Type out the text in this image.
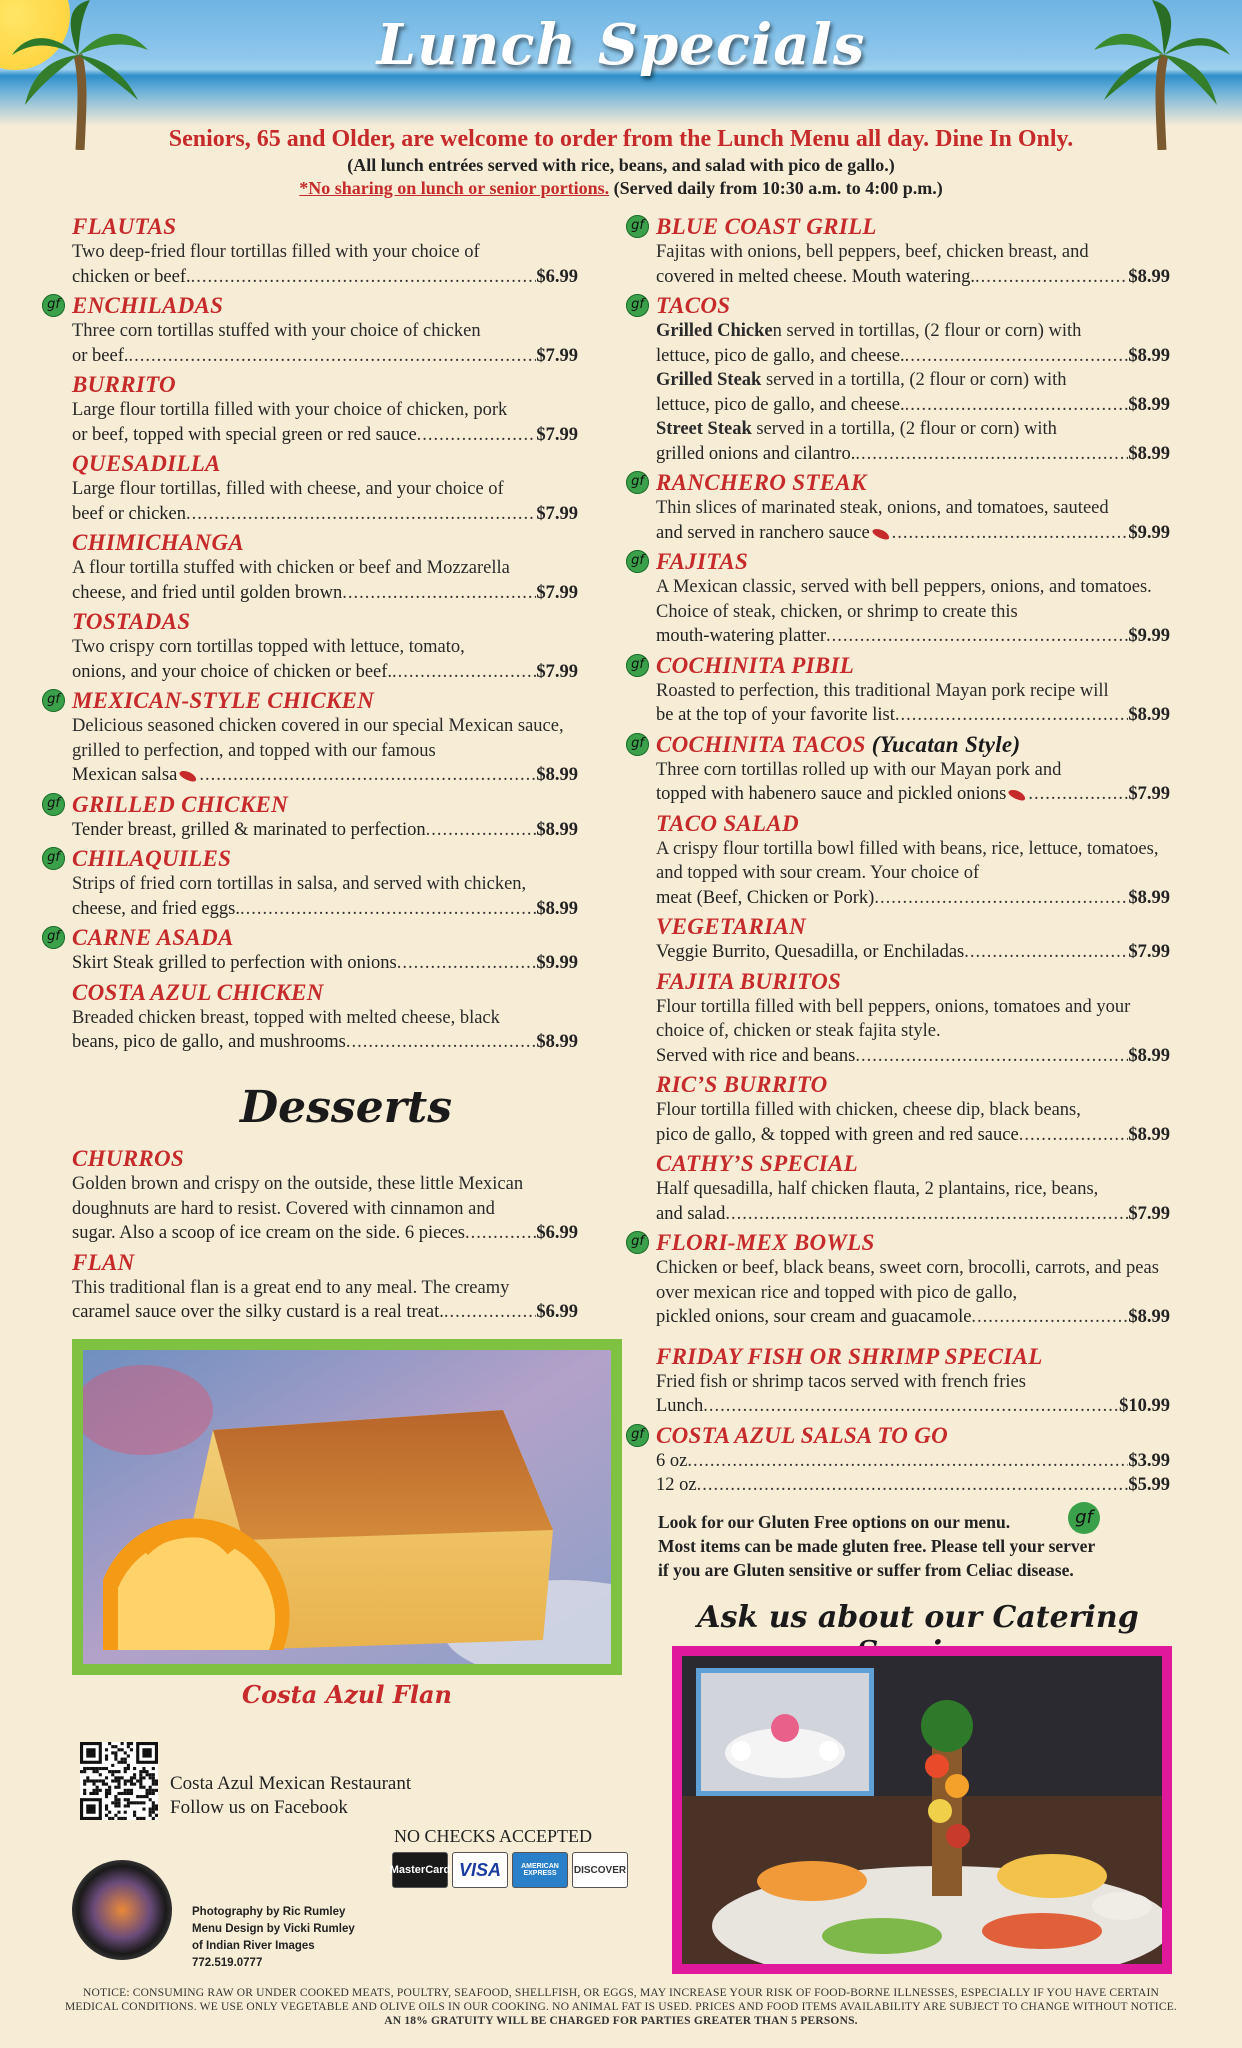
Lunch Specials
Seniors, 65 and Older, are welcome to order from the Lunch Menu all day. Dine In Only.
(All lunch entrées served with rice, beans, and salad with pico de gallo.)
*No sharing on lunch or senior portions. (Served daily from 10:30 a.m. to 4:00 p.m.)
FLAUTAS
Two deep-fried flour tortillas filled with your choice of
chicken or beef. .....	$6.99
gf ENCHILADAS
Three corn tortillas stuffed with your choice of chicken
or beef. .....	$7.99
BURRITO
Large flour tortilla filled with your choice of chicken, pork
or beef, topped with special green or red sauce .....	$7.99
QUESADILLA
Large flour tortillas, filled with cheese, and your choice of
beef or chicken .....	$7.99
CHIMICHANGA
A flour tortilla stuffed with chicken or beef and Mozzarella
cheese, and fried until golden brown .....	$7.99
TOSTADAS
Two crispy corn tortillas topped with lettuce, tomato,
onions, and your choice of chicken or beef. .....	$7.99
gf MEXICAN-STYLE CHICKEN
Delicious seasoned chicken covered in our special Mexican sauce, grilled to perfection, and topped with our famous
Mexican salsa .....	$8.99
gf GRILLED CHICKEN
Tender breast, grilled & marinated to perfection .....	$8.99
gf CHILAQUILES
Strips of fried corn tortillas in salsa, and served with chicken,
cheese, and fried eggs. .....	$8.99
gf CARNE ASADA
Skirt Steak grilled to perfection with onions .....	$9.99
COSTA AZUL CHICKEN
Breaded chicken breast, topped with melted cheese, black
beans, pico de gallo, and mushrooms .....	$8.99
Desserts
CHURROS
Golden brown and crispy on the outside, these little Mexican doughnuts are hard to resist. Covered with cinnamon and
sugar. Also a scoop of ice cream on the side. 6 pieces .....	$6.99
FLAN
This traditional flan is a great end to any meal. The creamy
caramel sauce over the silky custard is a real treat. .....	$6.99
Costa Azul Flan
Costa Azul Mexican Restaurant
Follow us on Facebook
NO CHECKS ACCEPTED
MasterCard VISA	AMERICAN EXPRESS	DISCOVER
Photography by Ric Rumley
Menu Design by Vicki Rumley
of Indian River Images
772.519.0777
gf BLUE COAST GRILL
Fajitas with onions, bell peppers, beef, chicken breast, and
covered in melted cheese. Mouth watering. .....	$8.99
gf TACOS
Grilled Chicken served in tortillas, (2 flour or corn) with
lettuce, pico de gallo, and cheese. .....	$8.99
Grilled Steak served in a tortilla, (2 flour or corn) with
lettuce, pico de gallo, and cheese. .....	$8.99
Street Steak served in a tortilla, (2 flour or corn) with
grilled onions and cilantro. .....	$8.99
gf RANCHERO STEAK
Thin slices of marinated steak, onions, and tomatoes, sauteed
and served in ranchero sauce .....	$9.99
gf FAJITAS
A Mexican classic, served with bell peppers, onions, and tomatoes. Choice of steak, chicken, or shrimp to create this
mouth-watering platter .....	$9.99
gf COCHINITA PIBIL
Roasted to perfection, this traditional Mayan pork recipe will
be at the top of your favorite list .....	$8.99
gf COCHINITA TACOS (Yucatan Style)
Three corn tortillas rolled up with our Mayan pork and
topped with habenero sauce and pickled onions .....	$7.99
TACO SALAD
A crispy flour tortilla bowl filled with beans, rice, lettuce, tomatoes, and topped with sour cream. Your choice of
meat (Beef, Chicken or Pork) .....	$8.99
VEGETARIAN
Veggie Burrito, Quesadilla, or Enchiladas .....	$7.99
FAJITA BURITOS
Flour tortilla filled with bell peppers, onions, tomatoes and your choice of, chicken or steak fajita style.
Served with rice and beans .....	$8.99
RIC’S BURRITO
Flour tortilla filled with chicken, cheese dip, black beans,
pico de gallo, & topped with green and red sauce .....	$8.99
CATHY’S SPECIAL
Half quesadilla, half chicken flauta, 2 plantains, rice, beans,
and salad .....	$7.99
gf FLORI-MEX BOWLS
Chicken or beef, black beans, sweet corn, brocolli, carrots, and peas over mexican rice and topped with pico de gallo,
pickled onions, sour cream and guacamole .....	$8.99
FRIDAY FISH OR SHRIMP SPECIAL
Fried fish or shrimp tacos served with french fries
Lunch .....	$10.99
gf COSTA AZUL SALSA TO GO
6 oz .....	$3.99
12 oz .....	$5.99
Look for our Gluten Free options on our menu.
Most items can be made gluten free. Please tell your server
if you are Gluten sensitive or suffer from Celiac disease.
gf
Ask us about our Catering
NOTICE: CONSUMING RAW OR UNDER COOKED MEATS, POULTRY, SEAFOOD, SHELLFISH, OR EGGS, MAY INCREASE YOUR RISK OF FOOD-BORNE ILLNESSES, ESPECIALLY IF YOU HAVE CERTAIN MEDICAL CONDITIONS. WE USE ONLY VEGETABLE AND OLIVE OILS IN OUR COOKING. NO ANIMAL FAT IS USED. PRICES AND FOOD ITEMS AVAILABILITY ARE SUBJECT TO CHANGE WITHOUT NOTICE. AN 18% GRATUITY WILL BE CHARGED FOR PARTIES GREATER THAN 5 PERSONS.
